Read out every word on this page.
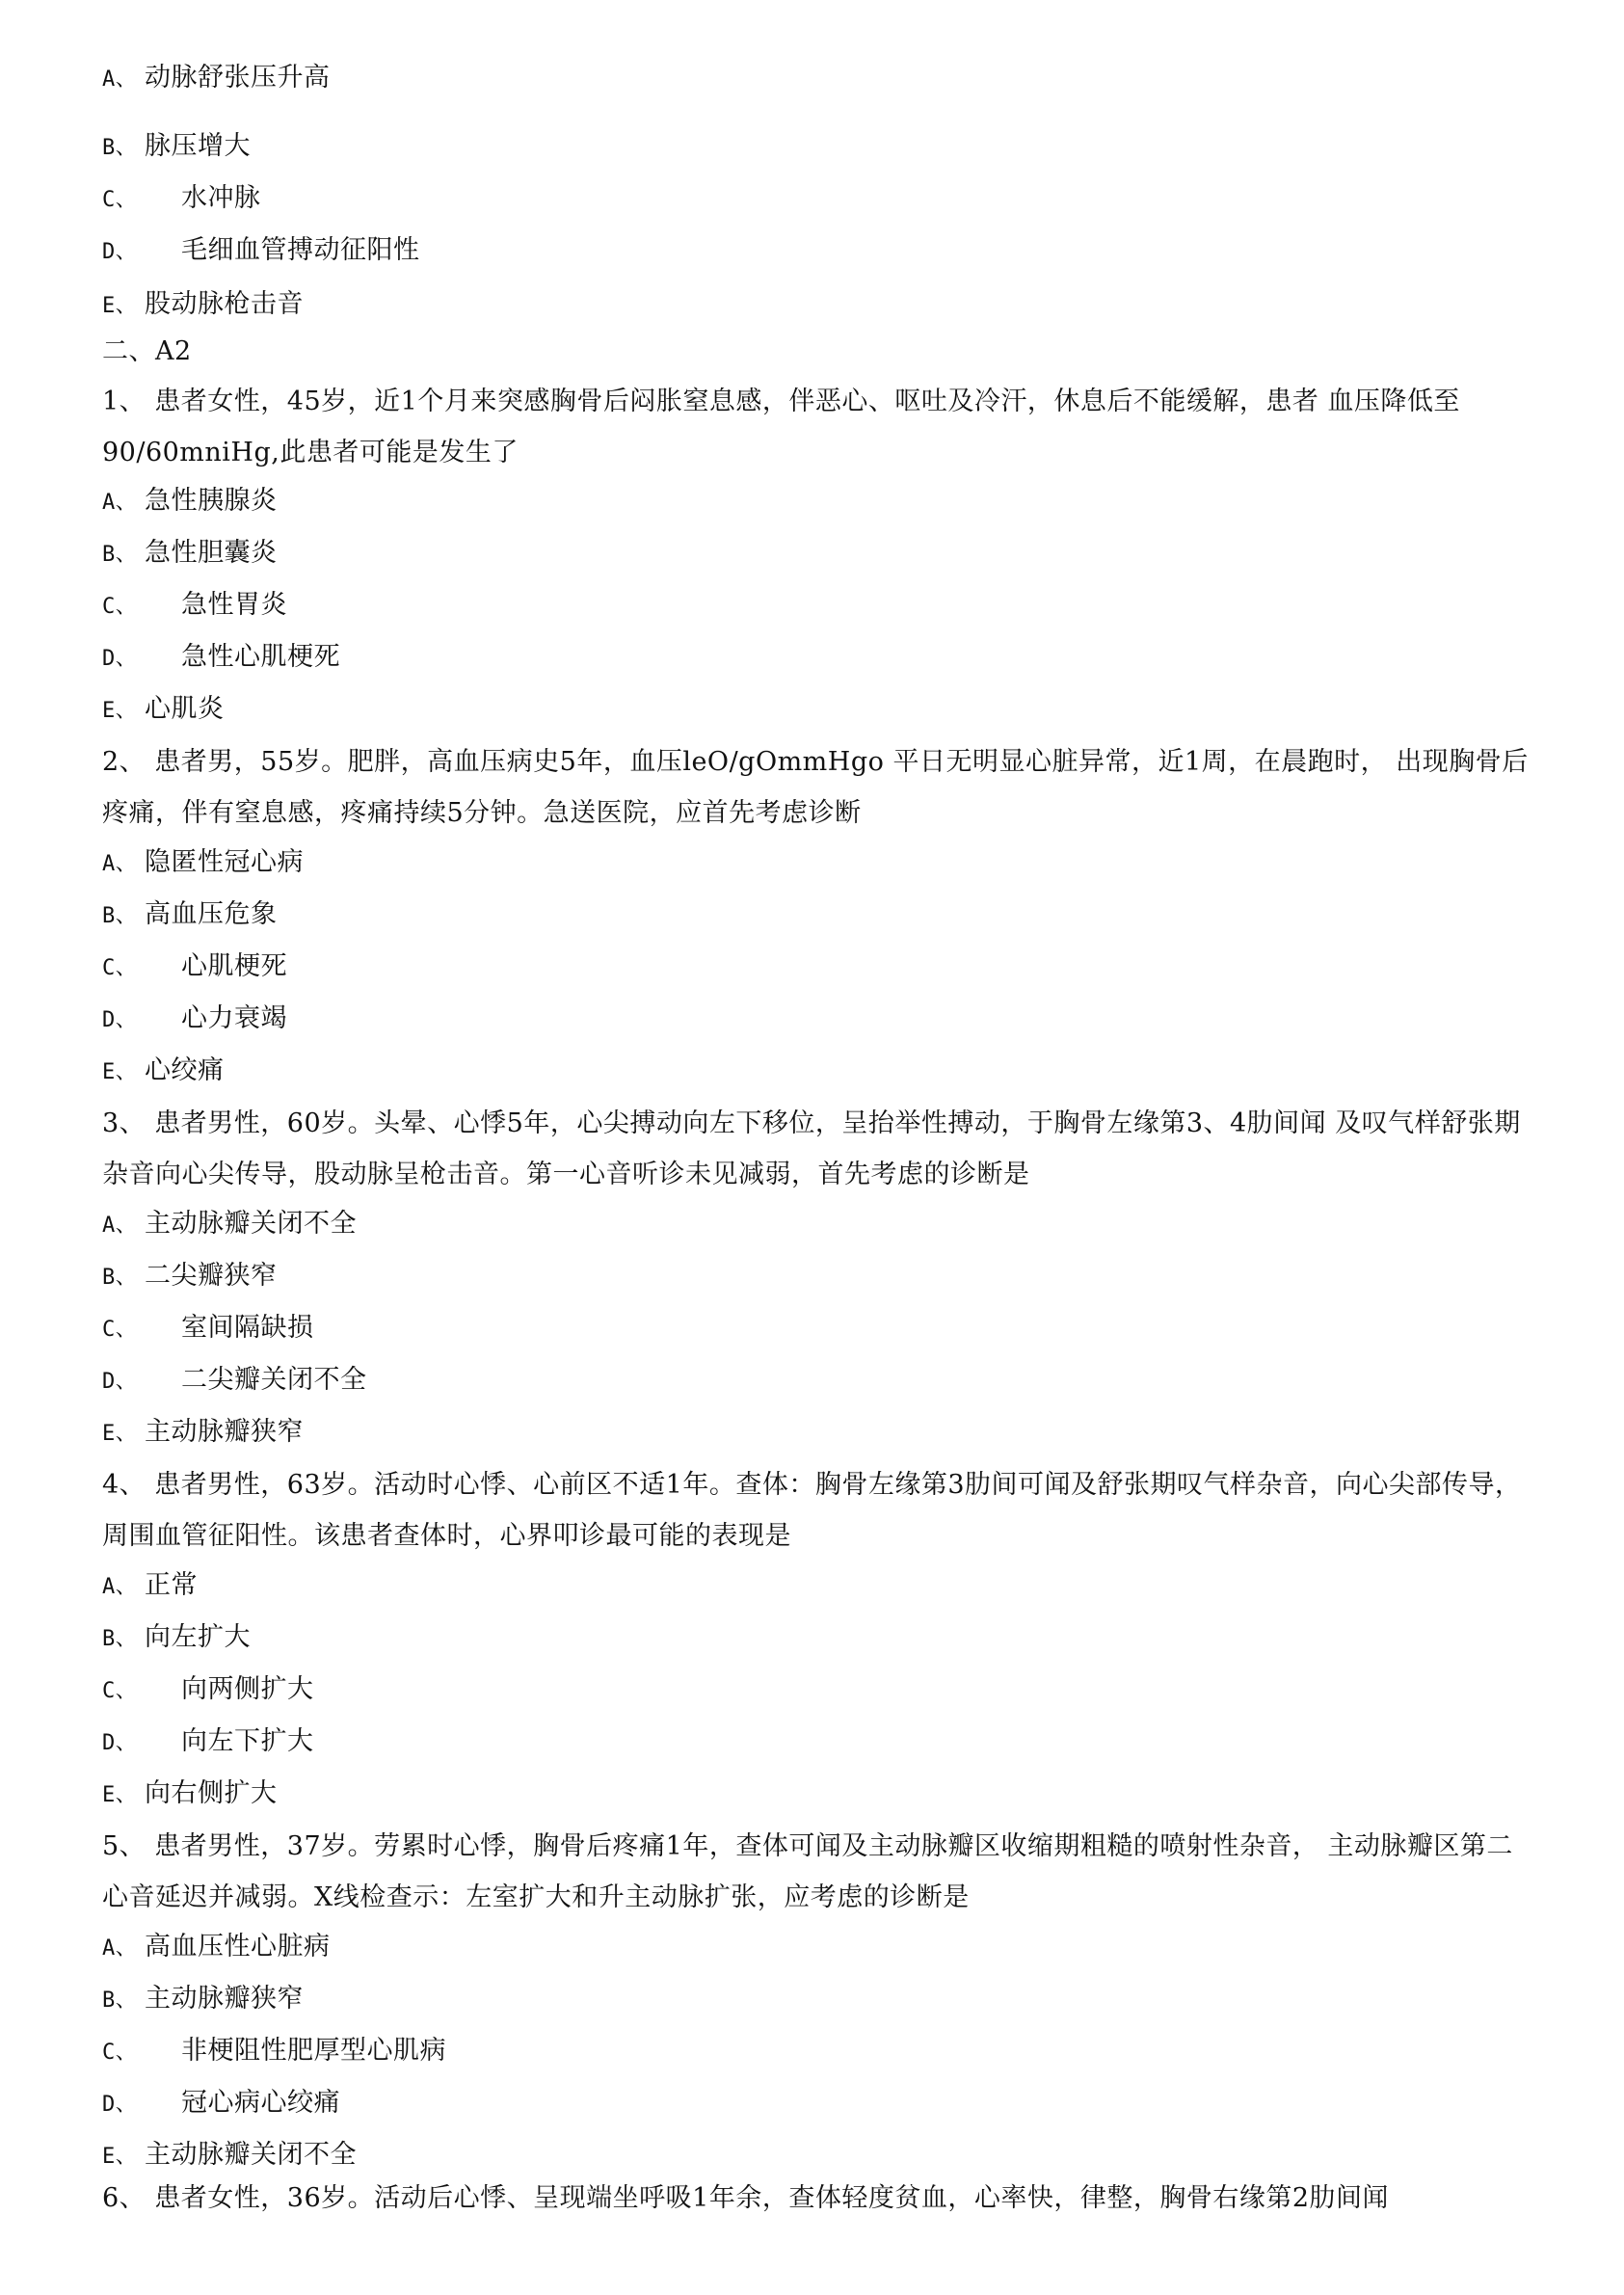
A、 动脉舒张压升高
B、 脉压增大
C、 水冲脉
D、 毛细血管搏动征阳性
E、 股动脉枪击音
二、A2
1、 患者女性，45岁，近1个月来突感胸骨后闷胀窒息感，伴恶心、呕吐及冷汗，休息后不能缓解，患者 血压降低至90/60mniHg,此患者可能是发生了
A、 急性胰腺炎
B、 急性胆囊炎
C、 急性胃炎
D、 急性心肌梗死
E、 心肌炎
2、 患者男，55岁。肥胖，高血压病史5年，血压leO/gOmmHgo 平日无明显心脏异常，近1周，在晨跑时， 出现胸骨后疼痛，伴有窒息感，疼痛持续5分钟。急送医院，应首先考虑诊断
A、 隐匿性冠心病
B、 高血压危象
C、 心肌梗死
D、 心力衰竭
E、 心绞痛
3、 患者男性，60岁。头晕、心悸5年，心尖搏动向左下移位，呈抬举性搏动，于胸骨左缘第3、4肋间闻 及叹气样舒张期杂音向心尖传导，股动脉呈枪击音。第一心音听诊未见减弱，首先考虑的诊断是
A、 主动脉瓣关闭不全
B、 二尖瓣狭窄
C、 室间隔缺损
D、 二尖瓣关闭不全
E、 主动脉瓣狭窄
4、 患者男性，63岁。活动时心悸、心前区不适1年。查体：胸骨左缘第3肋间可闻及舒张期叹气样杂音，向心尖部传导，周围血管征阳性。该患者查体时，心界叩诊最可能的表现是
A、 正常
B、 向左扩大
C、 向两侧扩大
D、 向左下扩大
E、 向右侧扩大
5、 患者男性，37岁。劳累时心悸，胸骨后疼痛1年，查体可闻及主动脉瓣区收缩期粗糙的喷射性杂音， 主动脉瓣区第二心音延迟并减弱。X线检查示：左室扩大和升主动脉扩张，应考虑的诊断是
A、 高血压性心脏病
B、 主动脉瓣狭窄
C、 非梗阻性肥厚型心肌病
D、 冠心病心绞痛
E、 主动脉瓣关闭不全
6、 患者女性，36岁。活动后心悸、呈现端坐呼吸1年余，查体轻度贫血，心率快，律整，胸骨右缘第2肋间闻
